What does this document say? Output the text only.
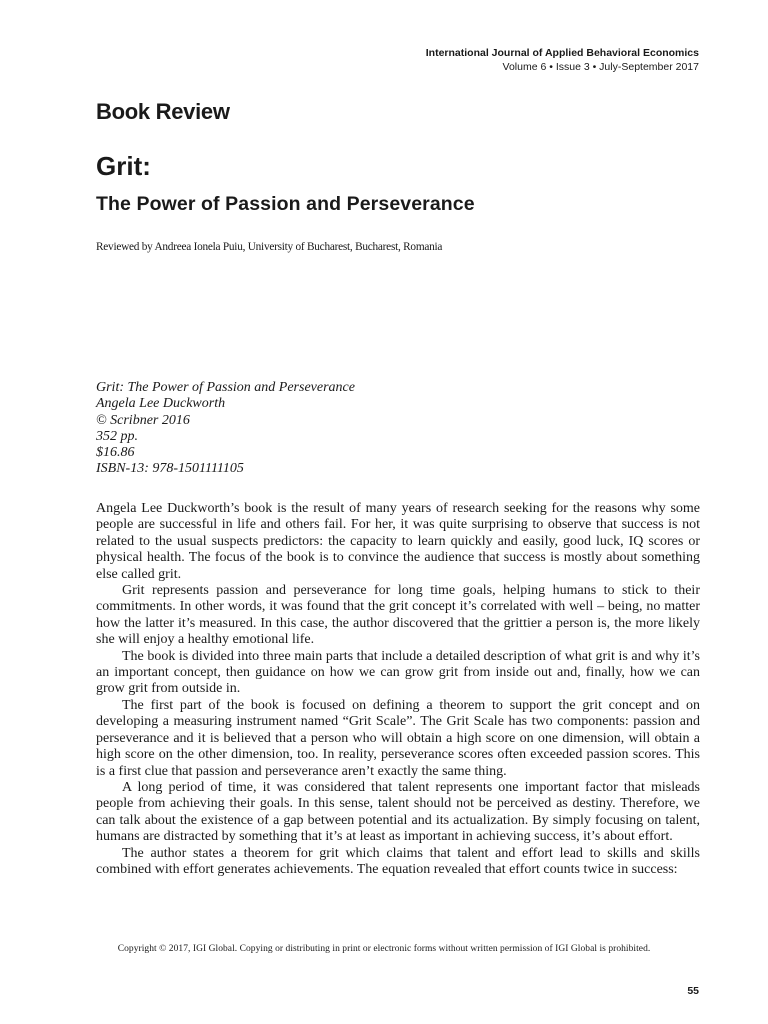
International Journal of Applied Behavioral Economics
Volume 6 • Issue 3 • July-September 2017
Book Review
Grit:
The Power of Passion and Perseverance
Reviewed by Andreea Ionela Puiu, University of Bucharest, Bucharest, Romania
Grit: The Power of Passion and Perseverance
Angela Lee Duckworth
© Scribner 2016
352 pp.
$16.86
ISBN-13: 978-1501111105

Angela Lee Duckworth’s book is the result of many years of research seeking for the reasons why some people are successful in life and others fail. For her, it was quite surprising to observe that success is not related to the usual suspects predictors: the capacity to learn quickly and easily, good luck, IQ scores or physical health. The focus of the book is to convince the audience that success is mostly about something else called grit.

Grit represents passion and perseverance for long time goals, helping humans to stick to their commitments. In other words, it was found that the grit concept it’s correlated with well – being, no matter how the latter it’s measured. In this case, the author discovered that the grittier a person is, the more likely she will enjoy a healthy emotional life.

The book is divided into three main parts that include a detailed description of what grit is and why it’s an important concept, then guidance on how we can grow grit from inside out and, finally, how we can grow grit from outside in.

The first part of the book is focused on defining a theorem to support the grit concept and on developing a measuring instrument named “Grit Scale”. The Grit Scale has two components: passion and perseverance and it is believed that a person who will obtain a high score on one dimension, will obtain a high score on the other dimension, too. In reality, perseverance scores often exceeded passion scores. This is a first clue that passion and perseverance aren’t exactly the same thing.

A long period of time, it was considered that talent represents one important factor that misleads people from achieving their goals. In this sense, talent should not be perceived as destiny. Therefore, we can talk about the existence of a gap between potential and its actualization. By simply focusing on talent, humans are distracted by something that it’s at least as important in achieving success, it’s about effort.

The author states a theorem for grit which claims that talent and effort lead to skills and skills combined with effort generates achievements. The equation revealed that effort counts twice in success:

Copyright © 2017, IGI Global. Copying or distributing in print or electronic forms without written permission of IGI Global is prohibited.
55
